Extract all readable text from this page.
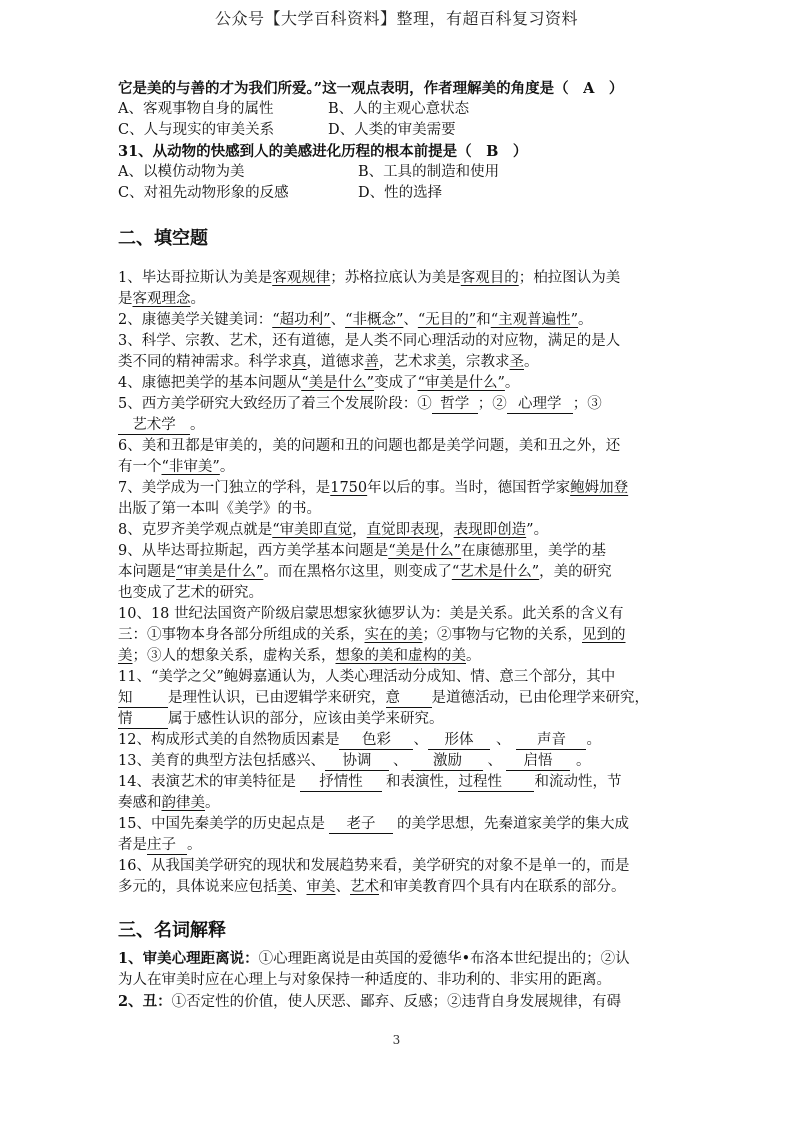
公众号【大学百科资料】整理，有超百科复习资料
它是美的与善的才为我们所爱。”这一观点表明，作者理解美的角度是（　A　）
A、客观事物自身的属性	B、人的主观心意状态
C、人与现实的审美关系	D、人类的审美需要
31、从动物的快感到人的美感进化历程的根本前提是（　B　）
A、以模仿动物为美	B、工具的制造和使用
C、对祖先动物形象的反感	D、性的选择
二、填空题
1、毕达哥拉斯认为美是客观规律；苏格拉底认为美是客观目的；柏拉图认为美
是客观理念。
2、康德美学关键美词：“超功利”、“非概念”、“无目的”和“主观普遍性”。
3、科学、宗教、艺术，还有道德，是人类不同心理活动的对应物，满足的是人
类不同的精神需求。科学求真，道德求善，艺术求美，宗教求圣。
4、康德把美学的基本问题从“美是什么”变成了“审美是什么”。
5、西方美学研究大致经历了着三个发展阶段：① 哲学 ；② 心理学 ；③
艺术学 。
6、美和丑都是审美的，美的问题和丑的问题也都是美学问题，美和丑之外，还
有一个“非审美”。
7、美学成为一门独立的学科，是1750年以后的事。当时，德国哲学家鲍姆加登
出版了第一本叫《美学》的书。
8、克罗齐美学观点就是“审美即直觉，直觉即表现，表现即创造”。
9、从毕达哥拉斯起，西方美学基本问题是“美是什么”在康德那里，美学的基
本问题是“审美是什么”。而在黑格尔这里，则变成了“艺术是什么”，美的研究
也变成了艺术的研究。
10、18 世纪法国资产阶级启蒙思想家狄德罗认为：美是关系。此关系的含义有
三：①事物本身各部分所组成的关系，实在的美；②事物与它物的关系，见到的
美；③人的想象关系，虚构关系，想象的美和虚构的美。
11、“美学之父”鲍姆嘉通认为，人类心理活动分成知、情、意三个部分，其中
知 是理性认识，已由逻辑学来研究，意 是道德活动，已由伦理学来研究，
情 属于感性认识的部分，应该由美学来研究。
12、构成形式美的自然物质因素是 色彩 、 形体 、 声音 。
13、美育的典型方法包括感兴、 协调 、 激励 、 启悟 。
14、表演艺术的审美特征是 抒情性 和表演性，过程性 和流动性，节
奏感和韵律美。
15、中国先秦美学的历史起点是 老子 的美学思想，先秦道家美学的集大成
者是庄子 。
16、从我国美学研究的现状和发展趋势来看，美学研究的对象不是单一的，而是
多元的，具体说来应包括美、审美、艺术和审美教育四个具有内在联系的部分。
三、名词解释
1、审美心理距离说：①心理距离说是由英国的爱德华•布洛本世纪提出的；②认
为人在审美时应在心理上与对象保持一种适度的、非功利的、非实用的距离。
2、丑：①否定性的价值，使人厌恶、鄙弃、反感；②违背自身发展规律，有碍
3
